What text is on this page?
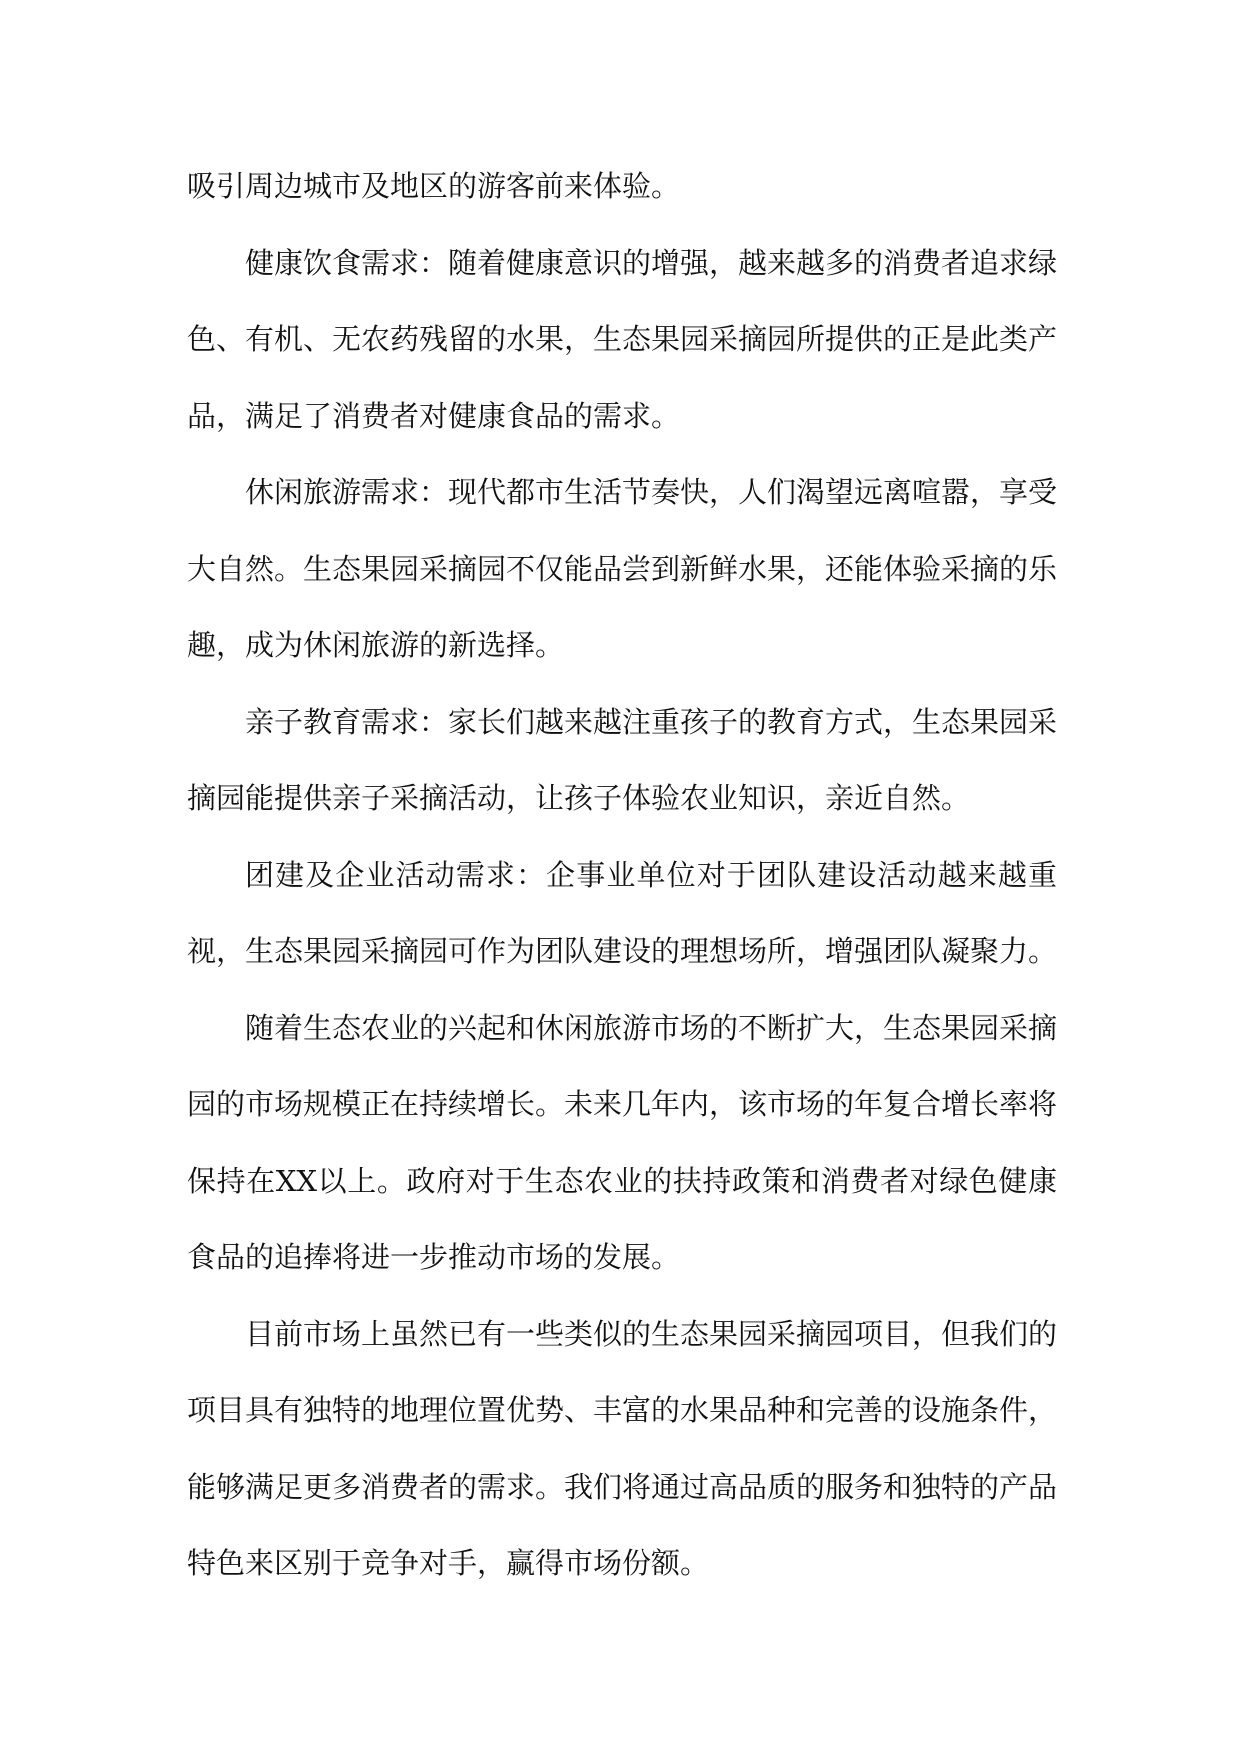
吸引周边城市及地区的游客前来体验。

健康饮食需求：随着健康意识的增强，越来越多的消费者追求绿色、有机、无农药残留的水果，生态果园采摘园所提供的正是此类产品，满足了消费者对健康食品的需求。

休闲旅游需求：现代都市生活节奏快，人们渴望远离喧嚣，享受大自然。生态果园采摘园不仅能品尝到新鲜水果，还能体验采摘的乐趣，成为休闲旅游的新选择。

亲子教育需求：家长们越来越注重孩子的教育方式，生态果园采摘园能提供亲子采摘活动，让孩子体验农业知识，亲近自然。

团建及企业活动需求：企事业单位对于团队建设活动越来越重视，生态果园采摘园可作为团队建设的理想场所，增强团队凝聚力。

随着生态农业的兴起和休闲旅游市场的不断扩大，生态果园采摘园的市场规模正在持续增长。未来几年内，该市场的年复合增长率将保持在XX以上。政府对于生态农业的扶持政策和消费者对绿色健康食品的追捧将进一步推动市场的发展。

目前市场上虽然已有一些类似的生态果园采摘园项目，但我们的项目具有独特的地理位置优势、丰富的水果品种和完善的设施条件，能够满足更多消费者的需求。我们将通过高品质的服务和独特的产品特色来区别于竞争对手，赢得市场份额。
